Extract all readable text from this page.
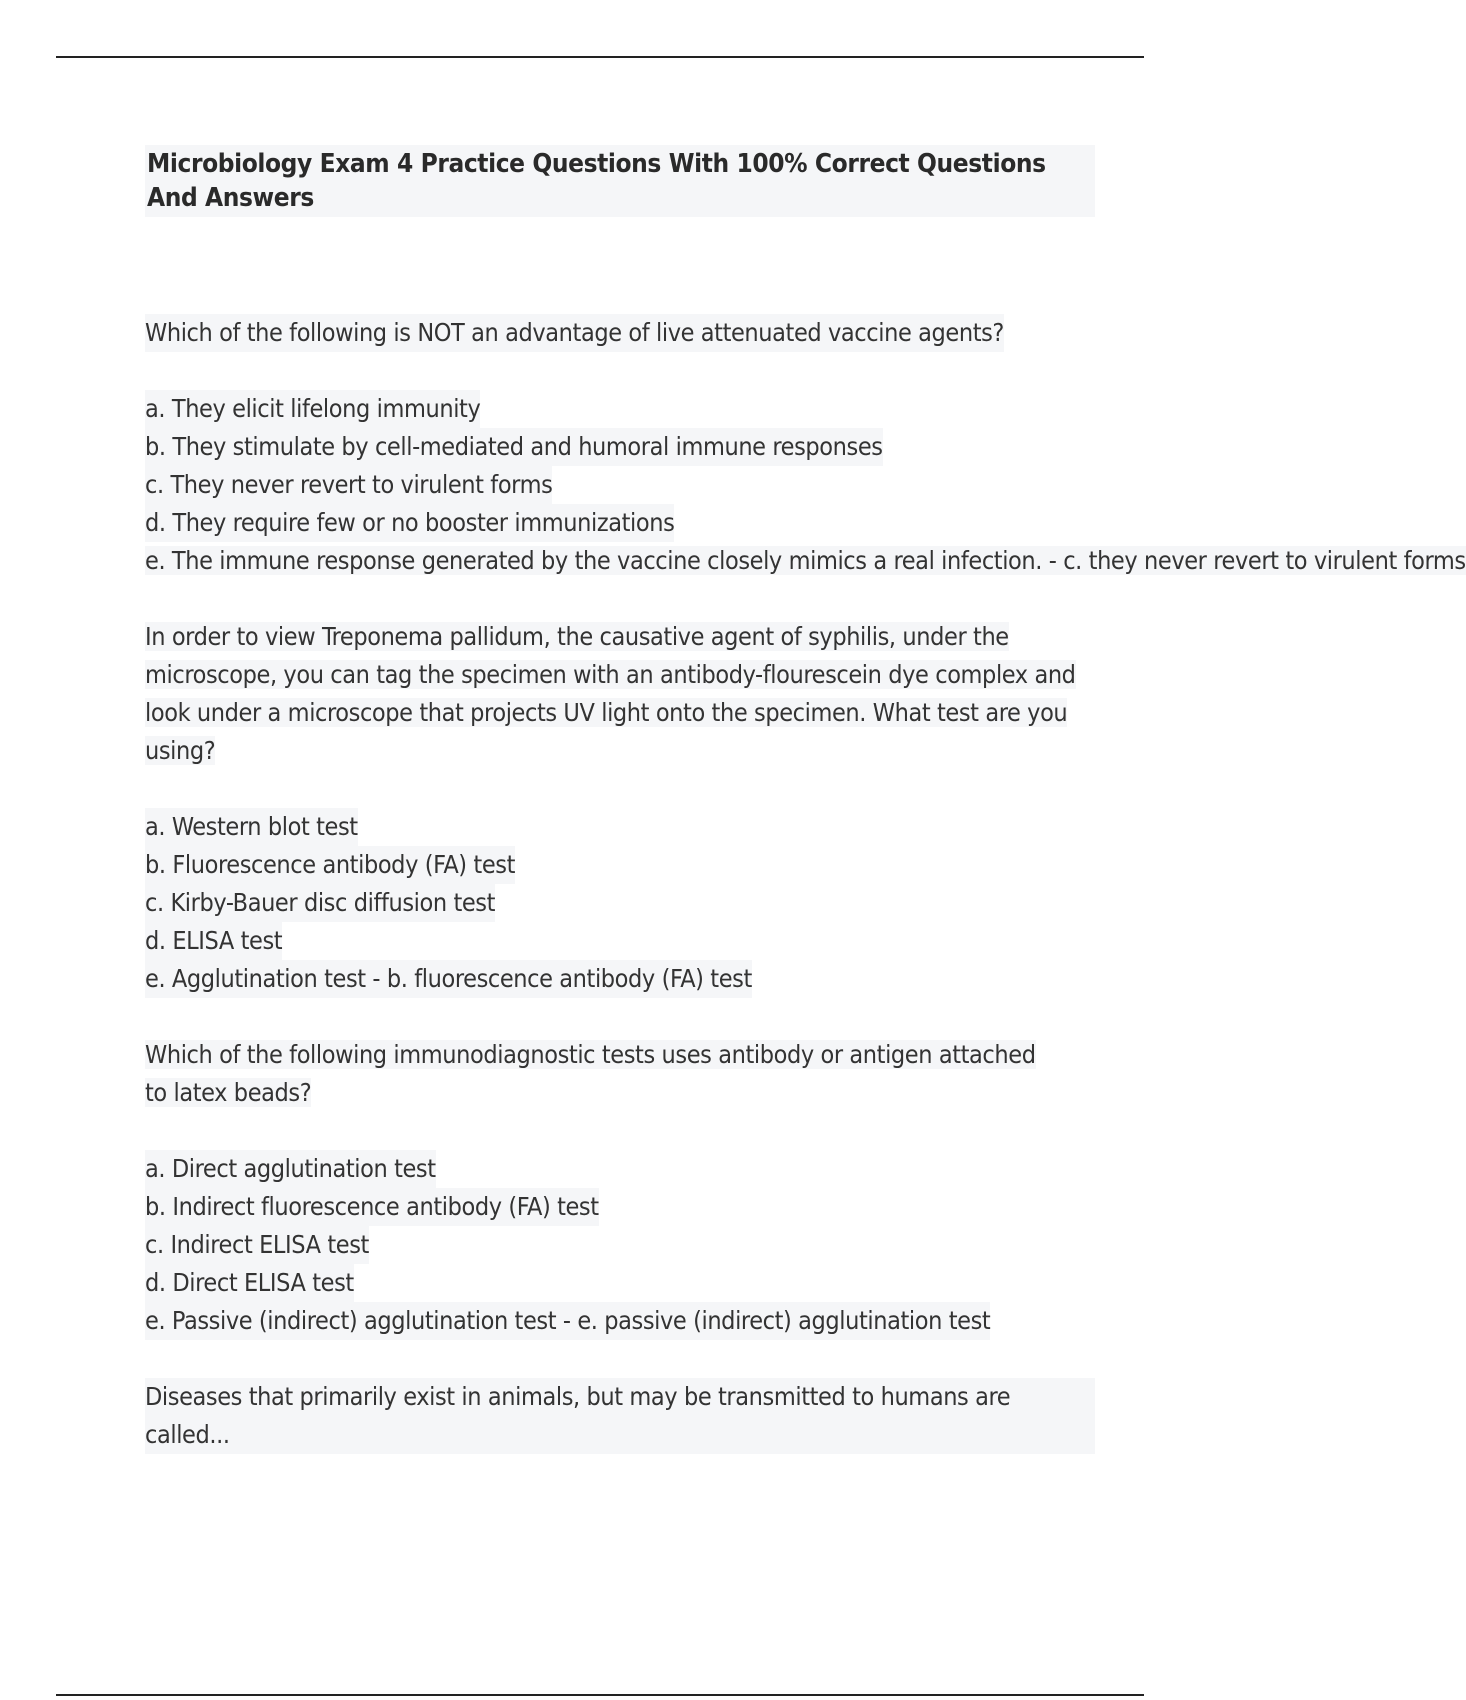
Microbiology Exam 4 Practice Questions With 100% Correct Questions And Answers
Which of the following is NOT an advantage of live attenuated vaccine agents?
a. They elicit lifelong immunity
b. They stimulate by cell-mediated and humoral immune responses
c. They never revert to virulent forms
d. They require few or no booster immunizations
e. The immune response generated by the vaccine closely mimics a real infection. - c. they never revert to virulent forms
In order to view Treponema pallidum, the causative agent of syphilis, under the microscope, you can tag the specimen with an antibody-flourescein dye complex and look under a microscope that projects UV light onto the specimen. What test are you using?
a. Western blot test
b. Fluorescence antibody (FA) test
c. Kirby-Bauer disc diffusion test
d. ELISA test
e. Agglutination test - b. fluorescence antibody (FA) test
Which of the following immunodiagnostic tests uses antibody or antigen attached to latex beads?
a. Direct agglutination test
b. Indirect fluorescence antibody (FA) test
c. Indirect ELISA test
d. Direct ELISA test
e. Passive (indirect) agglutination test - e. passive (indirect) agglutination test
Diseases that primarily exist in animals, but may be transmitted to humans are called...
